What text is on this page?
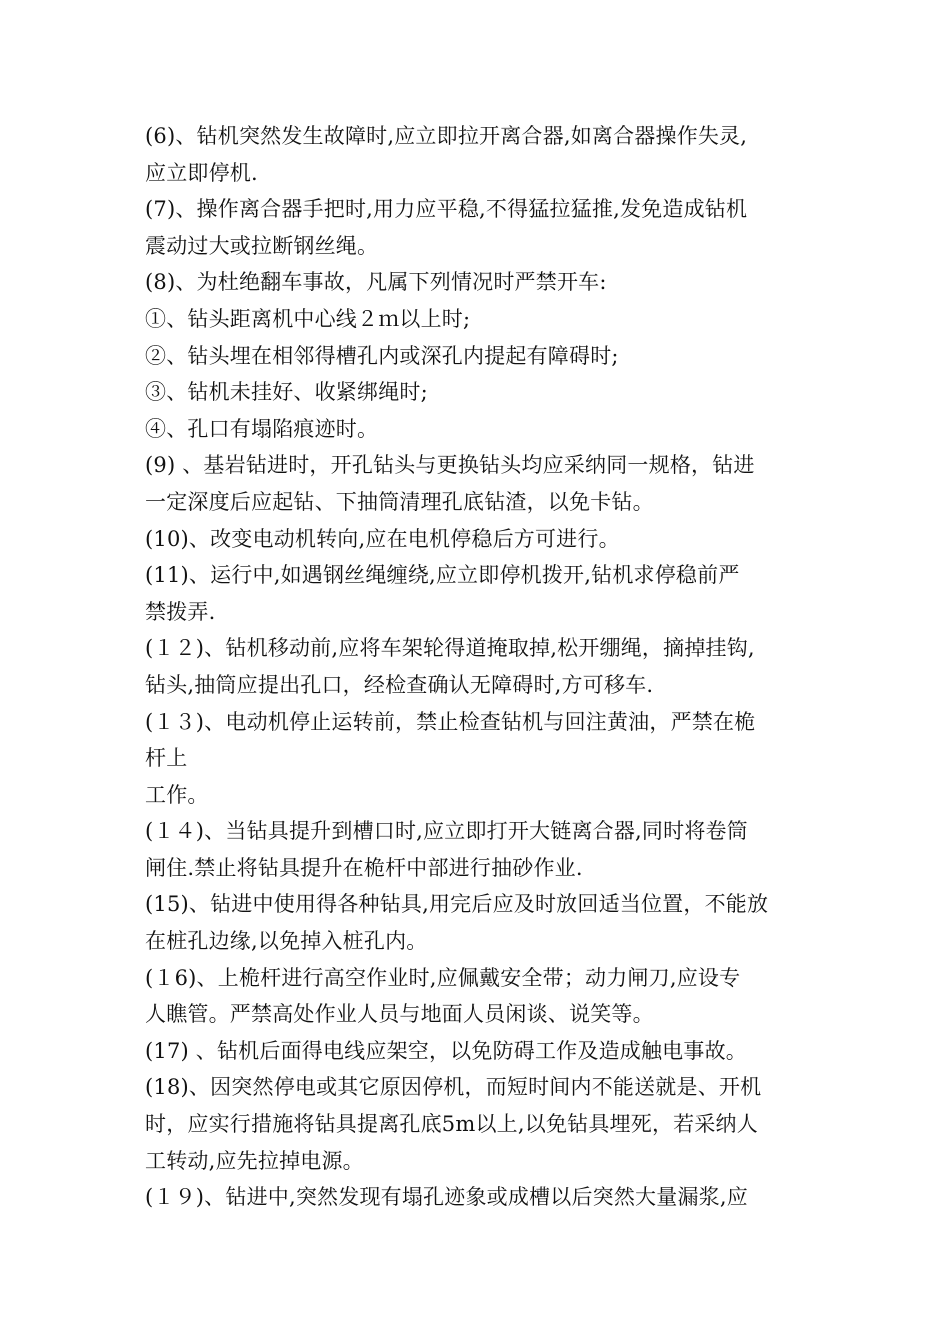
(6)、钻机突然发生故障时,应立即拉开离合器,如离合器操作失灵,
应立即停机.
(7)、操作离合器手把时,用力应平稳,不得猛拉猛推,发免造成钻机
震动过大或拉断钢丝绳。
(8)、为杜绝翻车事故，凡属下列情况时严禁开车:
①、钻头距离机中心线２ｍ以上时;
②、钻头埋在相邻得槽孔内或深孔内提起有障碍时;
③、钻机未挂好、收紧绑绳时;
④、孔口有塌陷痕迹时。
(9) 、基岩钻进时，开孔钻头与更换钻头均应采纳同一规格，钻进
一定深度后应起钻、下抽筒清理孔底钻渣，以免卡钻。
(10)、改变电动机转向,应在电机停稳后方可进行。
(11)、运行中,如遇钢丝绳缠绕,应立即停机拨开,钻机求停稳前严
禁拨弄.
(１２)、钻机移动前,应将车架轮得道掩取掉,松开绷绳，摘掉挂钩,
钻头,抽筒应提出孔口，经检查确认无障碍时,方可移车.
(１３)、电动机停止运转前，禁止检查钻机与回注黄油，严禁在桅
杆上
工作。
(１４)、当钻具提升到槽口时,应立即打开大链离合器,同时将卷筒
闸住.禁止将钻具提升在桅杆中部进行抽砂作业.
(15)、钻进中使用得各种钻具,用完后应及时放回适当位置，不能放
在桩孔边缘,以免掉入桩孔内。
(１6)、上桅杆进行高空作业时,应佩戴安全带；动力闸刀,应设专
人瞧管。严禁高处作业人员与地面人员闲谈、说笑等。
(17) 、钻机后面得电线应架空，以免防碍工作及造成触电事故。
(18)、因突然停电或其它原因停机，而短时间内不能送就是、开机
时，应实行措施将钻具提离孔底5m以上,以免钻具埋死，若采纳人
工转动,应先拉掉电源。
(１９)、钻进中,突然发现有塌孔迹象或成槽以后突然大量漏浆,应
